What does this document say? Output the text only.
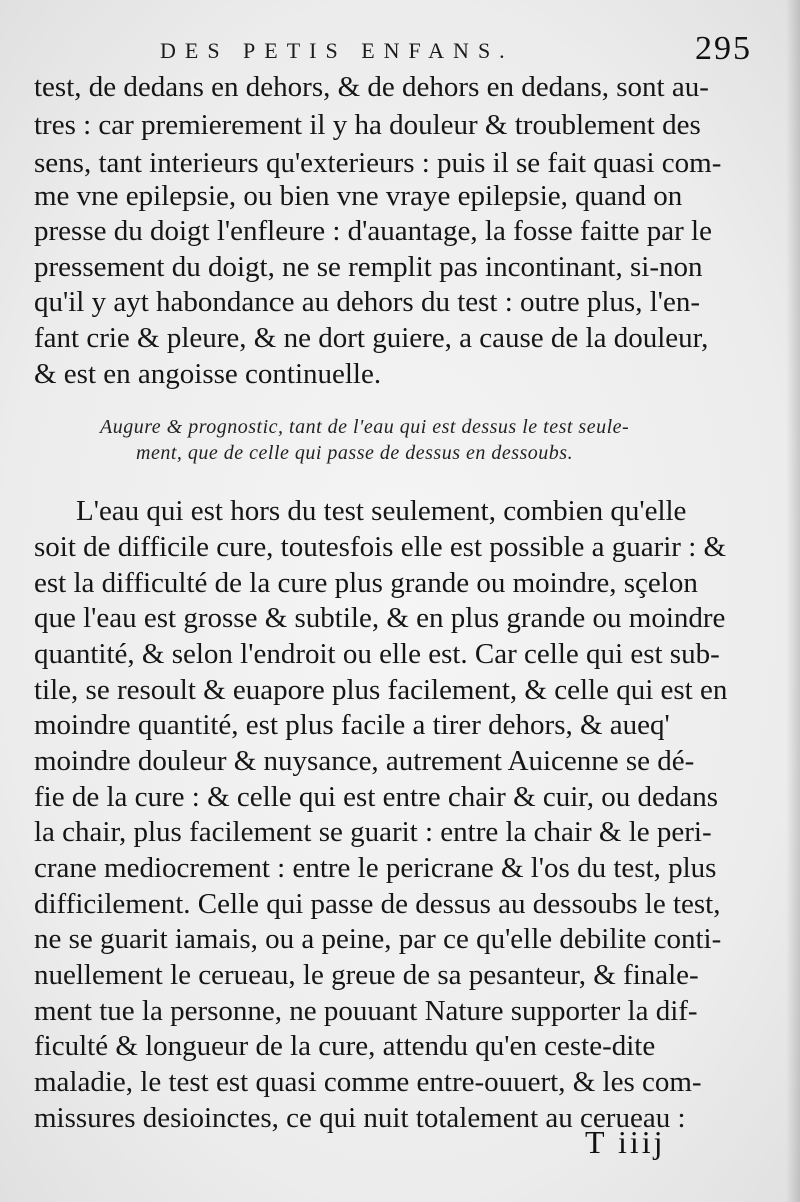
DES PETIS ENFANS.	295
test, de dedans en dehors, & de dehors en dedans, sont au-
tres : car premierement il y ha douleur & troublement des
sens, tant interieurs qu'exterieurs : puis il se fait quasi com-
me vne epilepsie, ou bien vne vraye epilepsie, quand on
presse du doigt l'enfleure : d'auantage, la fosse faitte par le
pressement du doigt, ne se remplit pas incontinant, si-non
qu'il y ayt habondance au dehors du test : outre plus, l'en-
fant crie & pleure, & ne dort guiere, a cause de la douleur,
& est en angoisse continuelle.
Augure & prognostic, tant de l'eau qui est dessus le test seule-
ment, que de celle qui passe de dessus en dessoubs.
L'eau qui est hors du test seulement, combien qu'elle
soit de difficile cure, toutesfois elle est possible a guarir : &
est la difficulté de la cure plus grande ou moindre, sçelon
que l'eau est grosse & subtile, & en plus grande ou moindre
quantité, & selon l'endroit ou elle est. Car celle qui est sub-
tile, se resoult & euapore plus facilement, & celle qui est en
moindre quantité, est plus facile a tirer dehors, & aueq'
moindre douleur & nuysance, autrement Auicenne se dé-
fie de la cure : & celle qui est entre chair & cuir, ou dedans
la chair, plus facilement se guarit : entre la chair & le peri-
crane mediocrement : entre le pericrane & l'os du test, plus
difficilement. Celle qui passe de dessus au dessoubs le test,
ne se guarit iamais, ou a peine, par ce qu'elle debilite conti-
nuellement le cerueau, le greue de sa pesanteur, & finale-
ment tue la personne, ne pouuant Nature supporter la dif-
ficulté & longueur de la cure, attendu qu'en ceste-dite
maladie, le test est quasi comme entre-ouuert, & les com-
missures desioinctes, ce qui nuit totalement au cerueau :
T iiij
